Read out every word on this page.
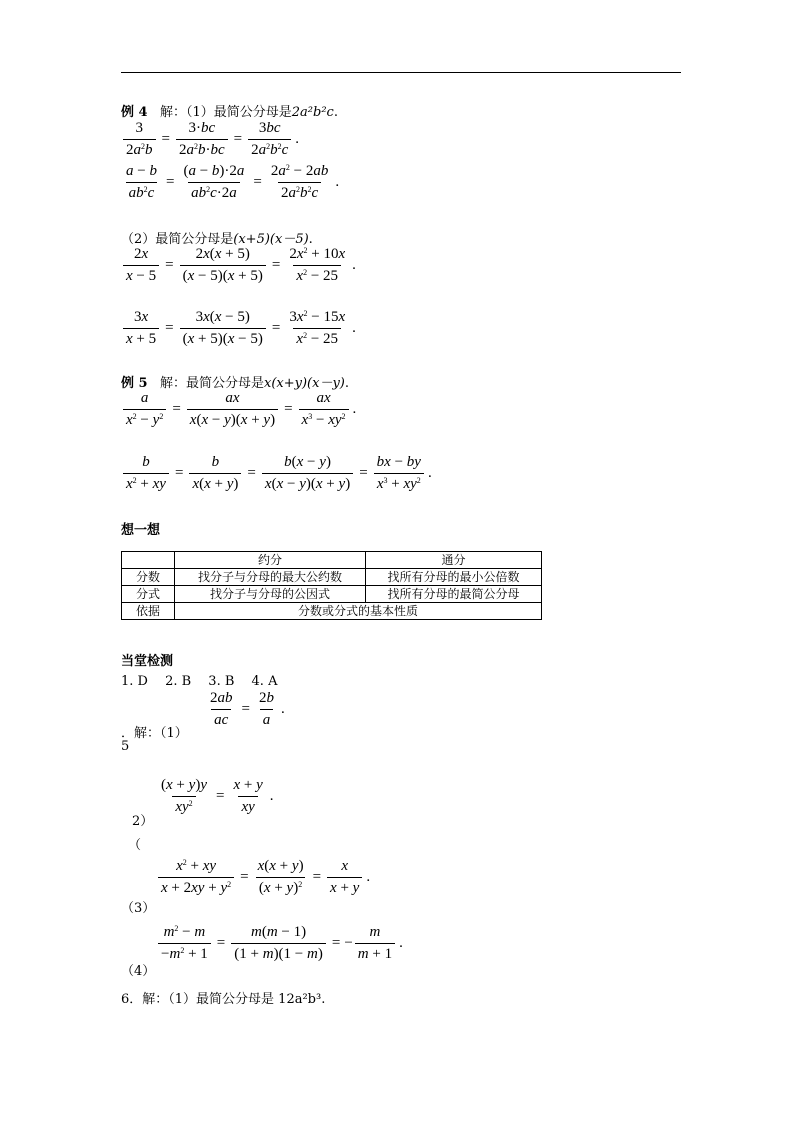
例 4 解：（1）最简公分母是2a²b²c.
$\frac{3}{2a^2b} = \frac{3\cdot bc}{2a^2b\cdot bc} = \frac{3bc}{2a^2b^2c}$ .
$\frac{a - b}{ab^2c} = \frac{(a - b)\cdot 2a}{ab^2c\cdot 2a} = \frac{2a^2 - 2ab}{2a^2b^2c}$ .
（2）最简公分母是(x+5)(x－5).
$\frac{2x}{x - 5} = \frac{2x(x + 5)}{(x - 5)(x + 5)} = \frac{2x^2 + 10x}{x^2 - 25}$ .
$\frac{3x}{x + 5} = \frac{3x(x - 5)}{(x + 5)(x - 5)} = \frac{3x^2 - 15x}{x^2 - 25}$ .
例 5 解：最简公分母是x(x+y)(x－y).
$\frac{a}{x^2 - y^2} = \frac{ax}{x(x - y)(x + y)} = \frac{ax}{x^3 - xy^2}$ .
$\frac{b}{x^2 + xy} = \frac{b}{x(x + y)} = \frac{b(x - y)}{x(x - y)(x + y)} = \frac{bx - by}{x^3 + xy^2}$ .
想一想
	约分	通分
分数	找分子与分母的最大公约数	找所有分母的最小公倍数
分式	找分子与分母的公因式	找所有分母的最简公分母
依据	分数或分式的基本性质	
当堂检测
1. D　 2. B　 3. B　 4. A
．解：（1）
5
$\frac{2ab}{ac} = \frac{2b}{a}$ .
2）
（
$\frac{(x + y)y}{xy^2} = \frac{x + y}{xy}$ .
（3）
$\frac{x^2 + xy}{x + 2xy + y^2} = \frac{x(x + y)}{(x + y)^2} = \frac{x}{x + y}$ .
（4）
$\frac{m^2 - m}{-m^2 + 1} = \frac{m(m - 1)}{(1 + m)(1 - m)}$ = − $\frac{m}{m + 1}$ .
6．解：（1）最简公分母是 12a²b³.
